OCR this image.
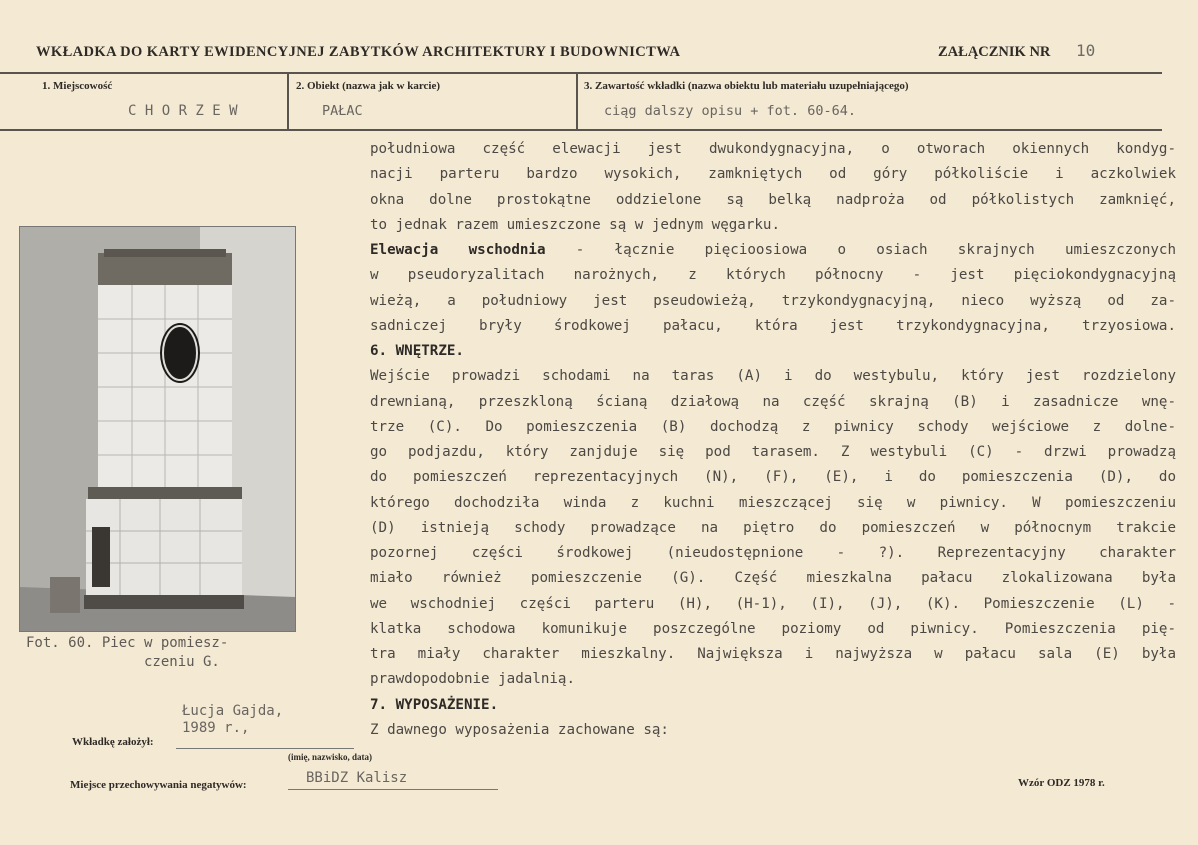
WKŁADKA DO KARTY EWIDENCYJNEJ ZABYTKÓW ARCHITEKTURY I BUDOWNICTWA	ZAŁĄCZNIK NR 10
1. Miejscowość
C H O R Z E W
2. Obiekt (nazwa jak w karcie)
PAŁAC
3. Zawartość wkładki (nazwa obiektu lub materiału uzupełniającego)
ciąg dalszy opisu + fot. 60-64.
Fot. 60. Piec w pomiesz-
czeniu G.
południowa część elewacji jest dwukondygnacyjna, o otworach okiennych kondyg-
nacji parteru bardzo wysokich, zamkniętych od góry półkoliście i aczkolwiek
okna dolne prostokątne oddzielone są belką nadproża od półkolistych zamknięć,
to jednak razem umieszczone są w jednym węgarku.
Elewacja wschodnia - łącznie pięcioosiowa o osiach skrajnych umieszczonych
w pseudoryzalitach narożnych, z których północny - jest pięciokondygnacyjną
wieżą, a południowy jest pseudowieżą, trzykondygnacyjną, nieco wyższą od za-
sadniczej bryły środkowej pałacu, która jest trzykondygnacyjna, trzyosiowa.
6. WNĘTRZE.
Wejście prowadzi schodami na taras (A) i do westybulu, który jest rozdzielony
drewnianą, przeszkloną ścianą działową na część skrajną (B) i zasadnicze wnę-
trze (C). Do pomieszczenia (B) dochodzą z piwnicy schody wejściowe z dolne-
go podjazdu, który zanjduje się pod tarasem. Z westybuli (C) - drzwi prowadzą
do pomieszczeń reprezentacyjnych (N), (F), (E), i do pomieszczenia (D), do
którego dochodziła winda z kuchni mieszczącej się w piwnicy. W pomieszczeniu
(D) istnieją schody prowadzące na piętro do pomieszczeń w północnym trakcie
pozornej części środkowej (nieudostępnione - ?). Reprezentacyjny charakter
miało również pomieszczenie (G). Część mieszkalna pałacu zlokalizowana była
we wschodniej części parteru (H), (H-1), (I), (J), (K). Pomieszczenie (L) -
klatka schodowa komunikuje poszczególne poziomy od piwnicy. Pomieszczenia pię-
tra miały charakter mieszkalny. Największa i najwyższa w pałacu sala (E) była
prawdopodobnie jadalnią.
7. WYPOSAŻENIE.
Z dawnego wyposażenia zachowane są:
Łucja Gajda,
1989 r.,
Wkładkę założył:
(imię, nazwisko, data)
Miejsce przechowywania negatywów:	BBiDZ Kalisz	Wzór ODZ 1978 r.
